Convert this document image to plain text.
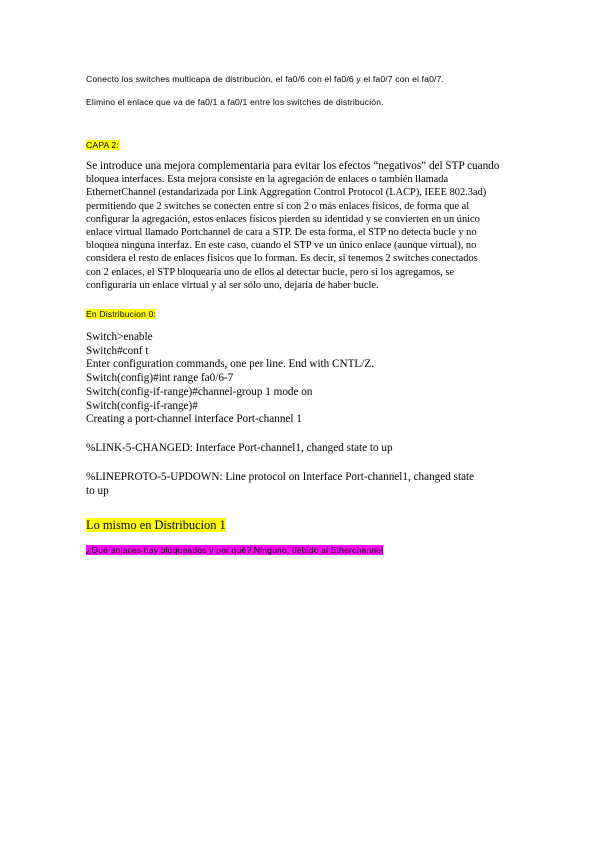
Conecto los switches multicapa de distribución, el fa0/6 con el fa0/6 y el fa0/7 con el fa0/7.
Elimino el enlace que va de fa0/1 a fa0/1 entre los switches de distribución.
CAPA 2:
Se introduce una mejora complementaria para evitar los efectos “negativos” del STP cuando
bloquea interfaces. Esta mejora consiste en la agregación de enlaces o también llamada
EthernetChannel (estandarizada por Link Aggregation Control Protocol (LACP), IEEE 802.3ad)
permitiendo que 2 switches se conecten entre sí con 2 o más enlaces físicos, de forma que al
configurar la agregación, estos enlaces físicos pierden su identidad y se convierten en un único
enlace virtual llamado Portchannel de cara a STP. De esta forma, el STP no detecta bucle y no
bloquea ninguna interfaz. En este caso, cuando el STP ve un único enlace (aunque virtual), no
considera el resto de enlaces físicos que lo forman. Es decir, si tenemos 2 switches conectados
con 2 enlaces, el STP bloquearía uno de ellos al detectar bucle, pero si los agregamos, se
configuraría un enlace virtual y al ser sólo uno, dejaría de haber bucle.
En Distribucion 0:
Switch>enable
Switch#conf t
Enter configuration commands, one per line. End with CNTL/Z.
Switch(config)#int range fa0/6-7
Switch(config-if-range)#channel-group 1 mode on
Switch(config-if-range)#
Creating a port-channel interface Port-channel 1
%LINK-5-CHANGED: Interface Port-channel1, changed state to up
%LINEPROTO-5-UPDOWN: Line protocol on Interface Port-channel1, changed state
to up
Lo mismo en Distribucion 1
¿Qué enlaces hay bloqueados y por qué? Ninguno, debido al Etherchannel
